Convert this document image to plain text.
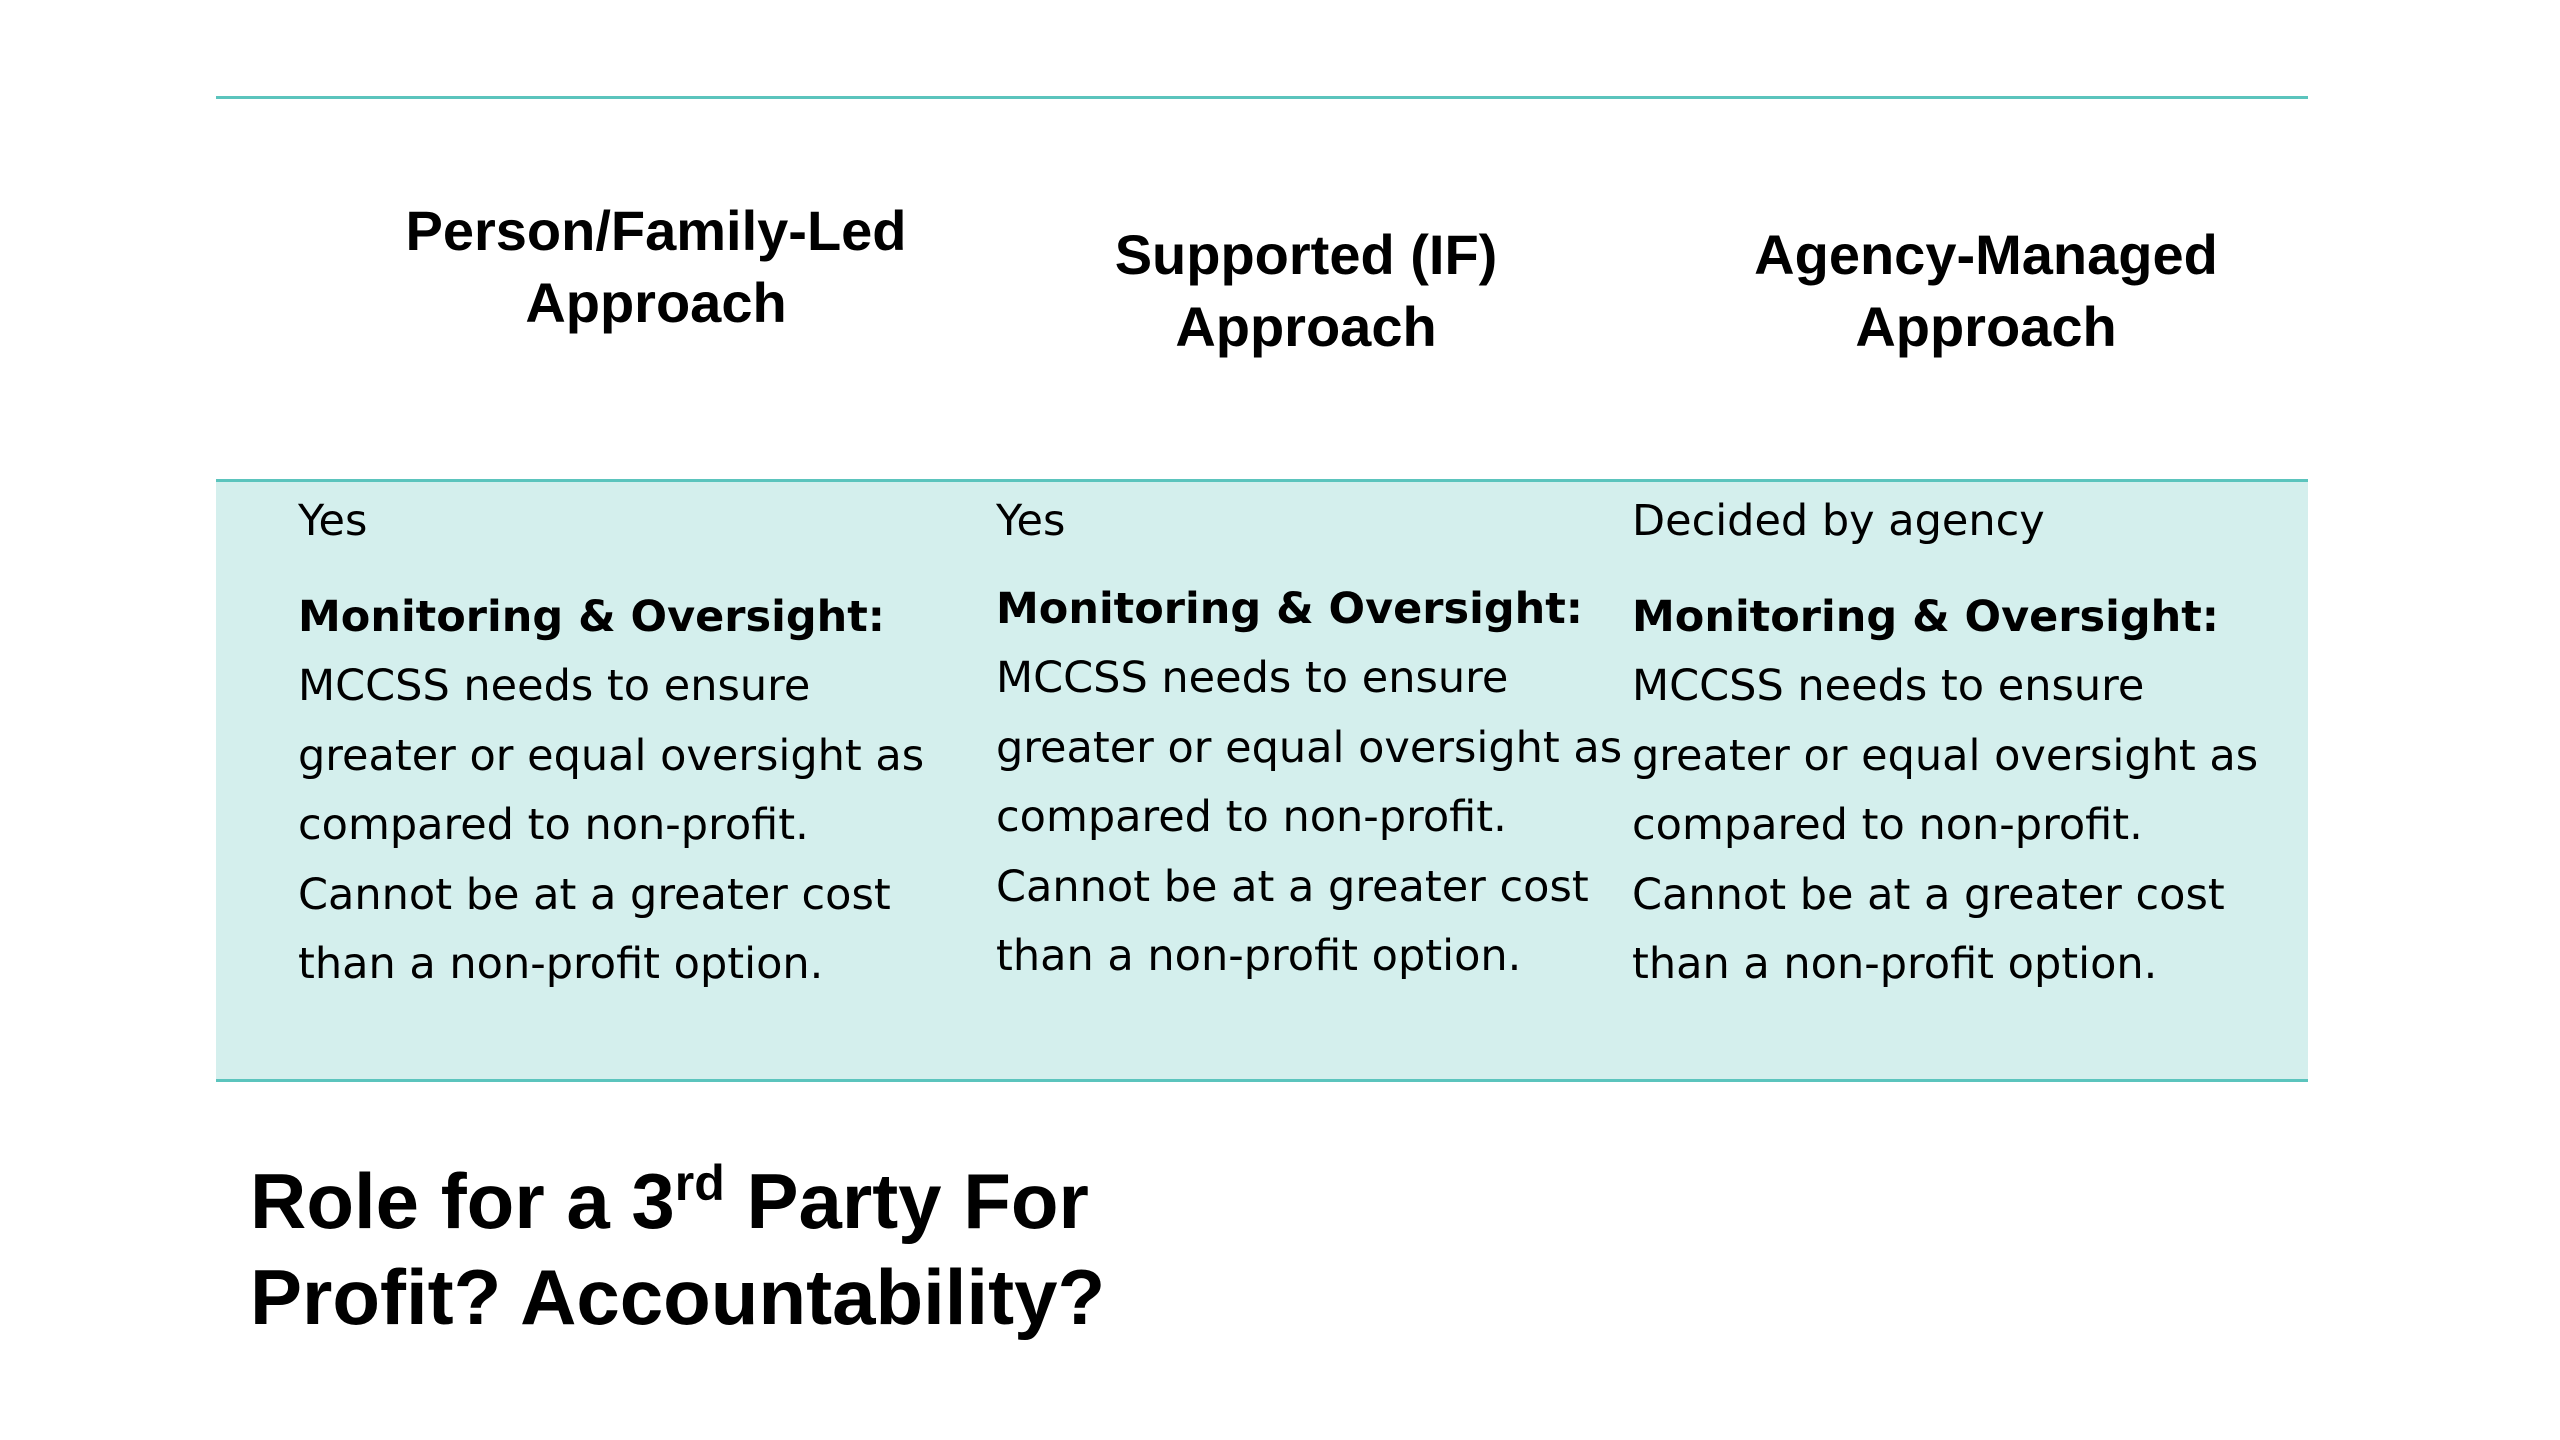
Person/Family-Led
Approach
Supported (IF)
Approach
Agency-Managed
Approach
Yes
Monitoring & Oversight:
MCCSS needs to ensure greater or equal oversight as compared to non-profit. Cannot be at a greater cost than a non-profit option.
Yes
Monitoring & Oversight:
MCCSS needs to ensure greater or equal oversight as compared to non-profit. Cannot be at a greater cost than a non-profit option.
Decided by agency
Monitoring & Oversight:
MCCSS needs to ensure greater or equal oversight as compared to non-profit. Cannot be at a greater cost than a non-profit option.
Role for a 3rd Party For
Profit? Accountability?
